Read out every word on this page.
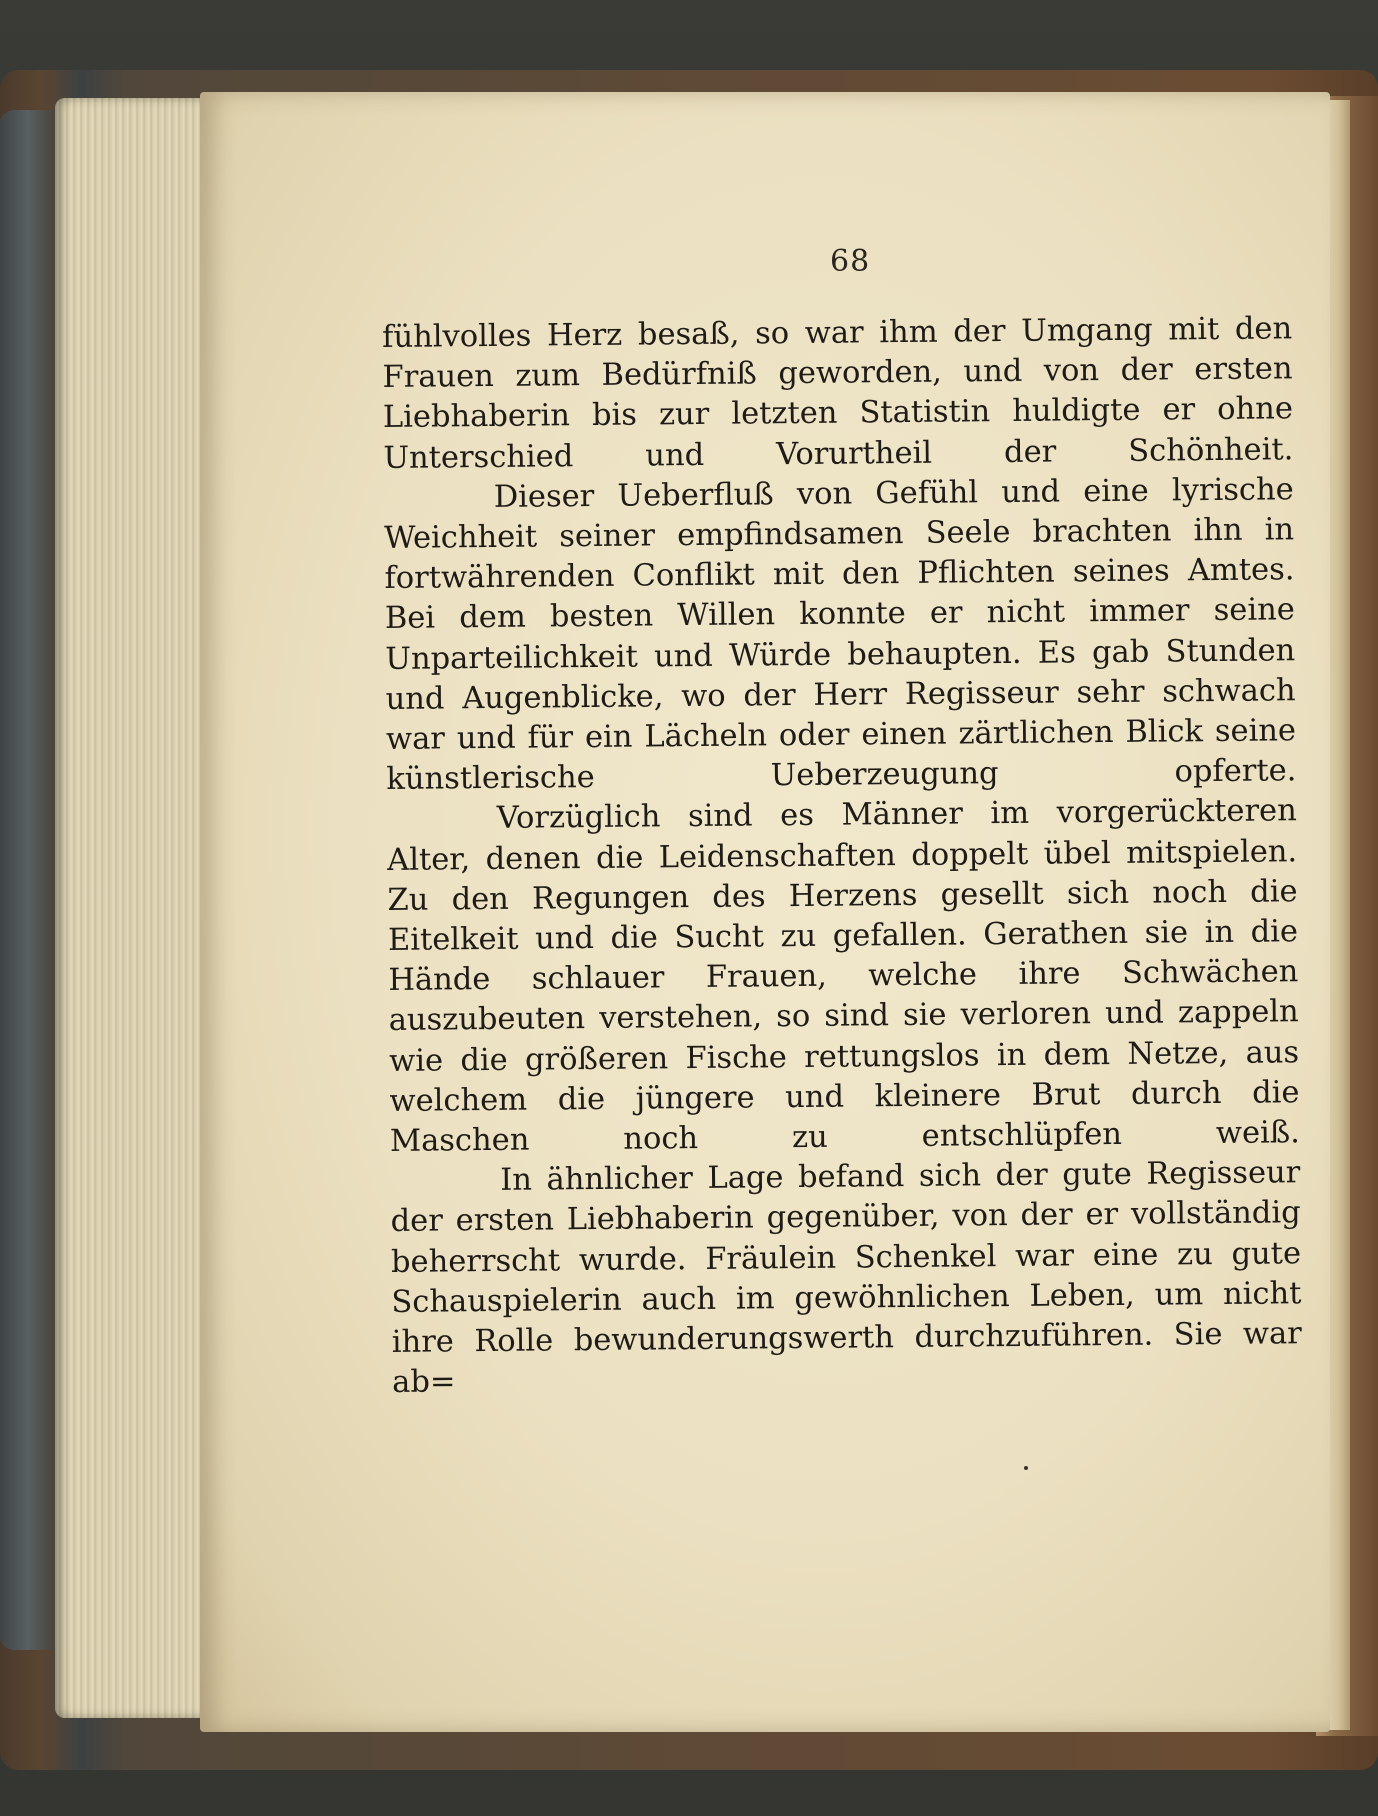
68

fühlvolles Herz besaß, so war ihm der Umgang mit den Frauen zum Bedürfniß geworden, und von der ersten Liebhaberin bis zur letzten Statistin huldigte er ohne Unterschied und Vorurtheil der Schönheit.

Dieser Ueberfluß von Gefühl und eine lyrische Weichheit seiner empfindsamen Seele brachten ihn in fortwährenden Conflikt mit den Pflichten seines Amtes. Bei dem besten Willen konnte er nicht immer seine Unparteilichkeit und Würde behaupten. Es gab Stunden und Augenblicke, wo der Herr Regisseur sehr schwach war und für ein Lächeln oder einen zärtlichen Blick seine künstlerische Ueberzeugung opferte.

Vorzüglich sind es Männer im vorgerückteren Alter, denen die Leidenschaften doppelt übel mitspielen. Zu den Regungen des Herzens gesellt sich noch die Eitelkeit und die Sucht zu gefallen. Gerathen sie in die Hände schlauer Frauen, welche ihre Schwächen auszubeuten verstehen, so sind sie verloren und zappeln wie die größeren Fische rettungslos in dem Netze, aus welchem die jüngere und kleinere Brut durch die Maschen noch zu entschlüpfen weiß.

In ähnlicher Lage befand sich der gute Regisseur der ersten Liebhaberin gegenüber, von der er vollständig beherrscht wurde. Fräulein Schenkel war eine zu gute Schauspielerin auch im gewöhnlichen Leben, um nicht ihre Rolle bewunderungswerth durchzuführen. Sie war ab=
